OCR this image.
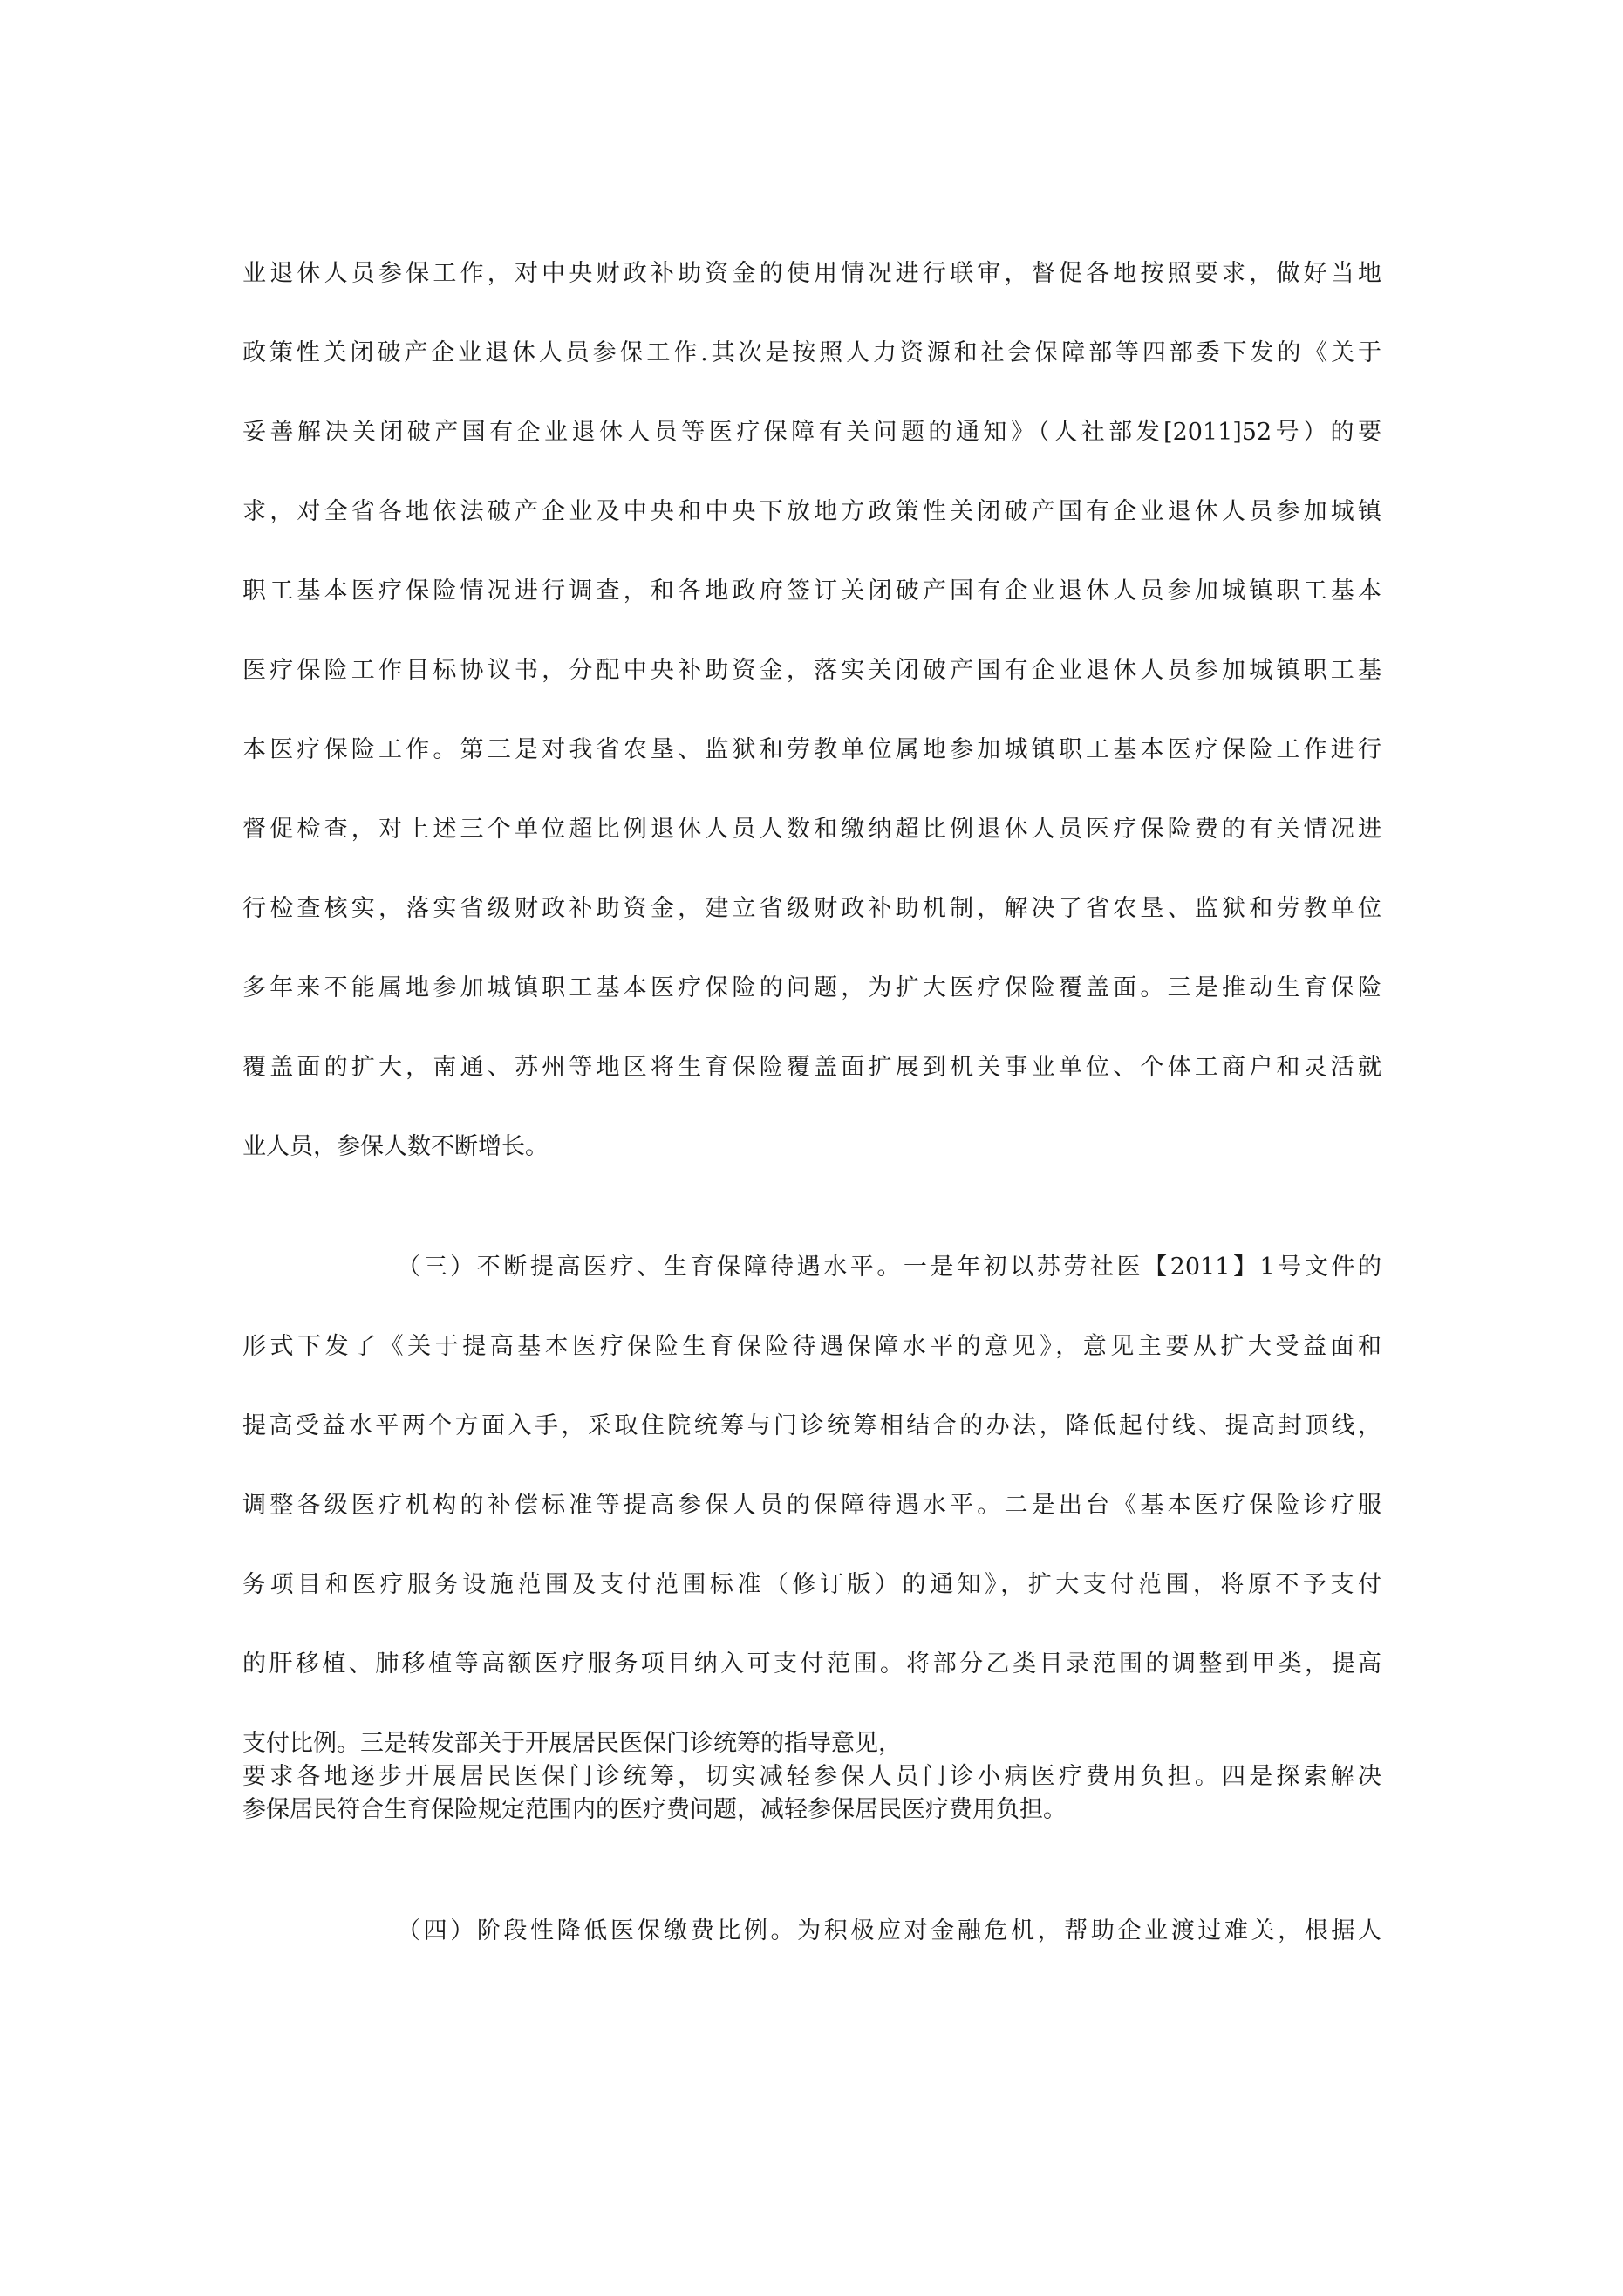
业退休人员参保工作，对中央财政补助资金的使用情况进行联审，督促各地按照要求，做好当地
政策性关闭破产企业退休人员参保工作.其次是按照人力资源和社会保障部等四部委下发的《关于
妥善解决关闭破产国有企业退休人员等医疗保障有关问题的通知》（人社部发[2011]52号）的要
求，对全省各地依法破产企业及中央和中央下放地方政策性关闭破产国有企业退休人员参加城镇
职工基本医疗保险情况进行调查，和各地政府签订关闭破产国有企业退休人员参加城镇职工基本
医疗保险工作目标协议书，分配中央补助资金，落实关闭破产国有企业退休人员参加城镇职工基
本医疗保险工作。第三是对我省农垦、监狱和劳教单位属地参加城镇职工基本医疗保险工作进行
督促检查，对上述三个单位超比例退休人员人数和缴纳超比例退休人员医疗保险费的有关情况进
行检查核实，落实省级财政补助资金，建立省级财政补助机制，解决了省农垦、监狱和劳教单位
多年来不能属地参加城镇职工基本医疗保险的问题，为扩大医疗保险覆盖面。三是推动生育保险
覆盖面的扩大，南通、苏州等地区将生育保险覆盖面扩展到机关事业单位、个体工商户和灵活就
业人员，参保人数不断增长。
（三）不断提高医疗、生育保障待遇水平。一是年初以苏劳社医【2011】1号文件的
形式下发了《关于提高基本医疗保险生育保险待遇保障水平的意见》，意见主要从扩大受益面和
提高受益水平两个方面入手，采取住院统筹与门诊统筹相结合的办法，降低起付线、提高封顶线，
调整各级医疗机构的补偿标准等提高参保人员的保障待遇水平。二是出台《基本医疗保险诊疗服
务项目和医疗服务设施范围及支付范围标准（修订版）的通知》，扩大支付范围，将原不予支付
的肝移植、肺移植等高额医疗服务项目纳入可支付范围。将部分乙类目录范围的调整到甲类，提高
支付比例。三是转发部关于开展居民医保门诊统筹的指导意见，
要求各地逐步开展居民医保门诊统筹，切实减轻参保人员门诊小病医疗费用负担。四是探索解决
参保居民符合生育保险规定范围内的医疗费问题，减轻参保居民医疗费用负担。
（四）阶段性降低医保缴费比例。为积极应对金融危机，帮助企业渡过难关，根据人
